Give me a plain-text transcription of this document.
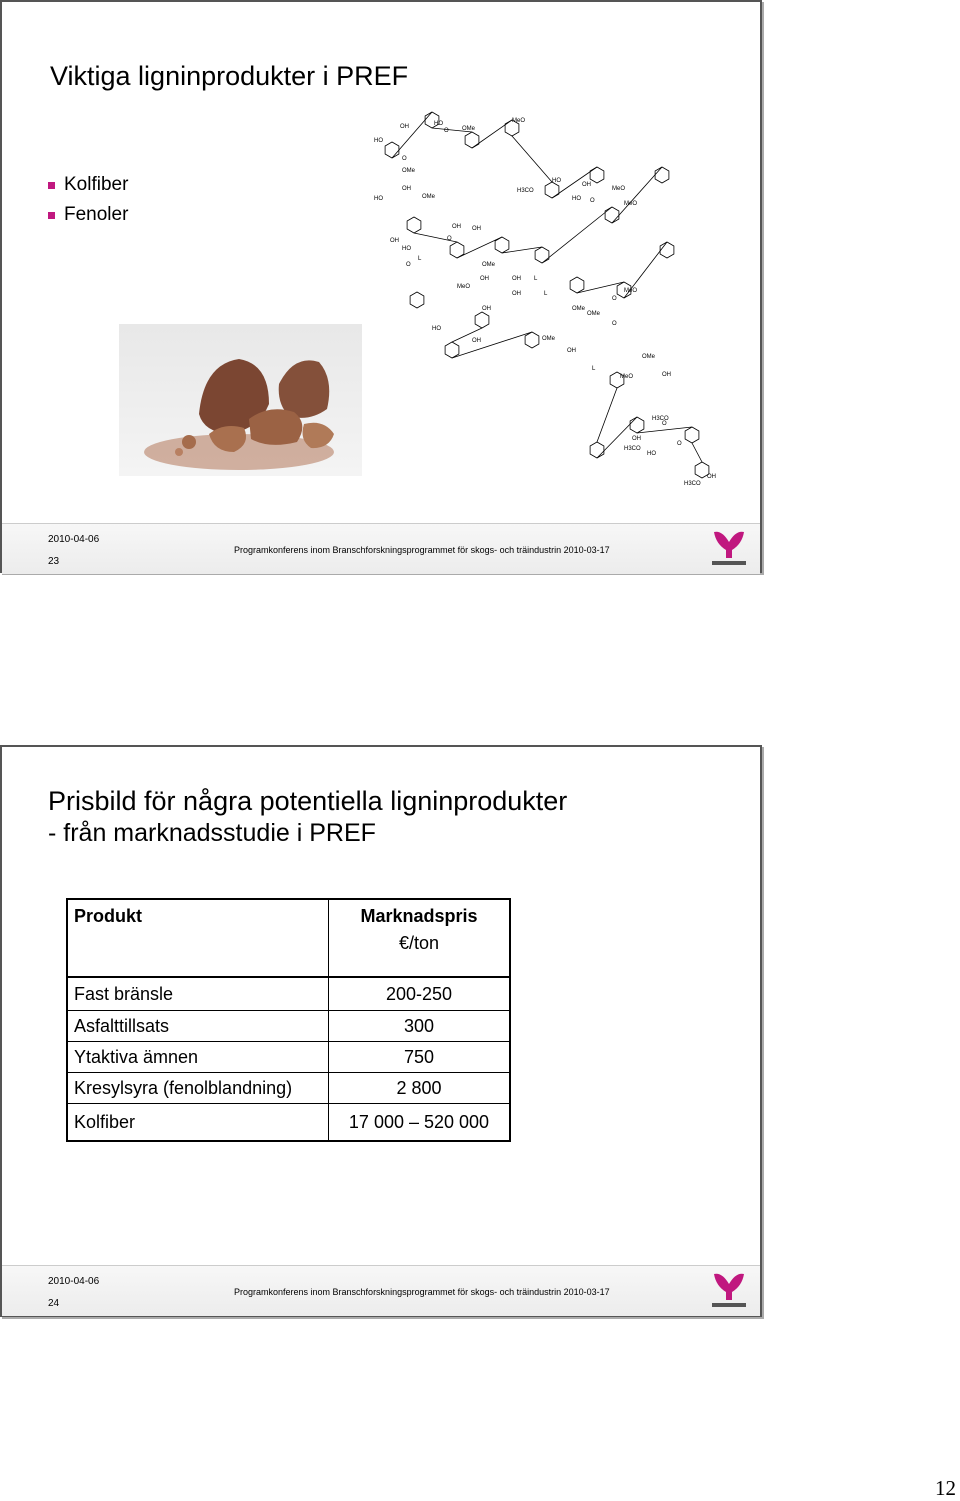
Viktiga ligninprodukter i PREF
Kolfiber
Fenoler
HO
OH	HO
O OMe
MeO
O
OMe
OH
HO	OMe
OH
O
OH
H3CO
HO
OH
HO O
MeO
MeO
OH
HO
O
OH
L
MeO
OMe
OH L
OH
L
OMe
O
MeO
OMe
O
OH
HO
OH	OMe
OH
L
MeO
OMe
OH
H3CO
O
OH
H3CO
HO
O
OH
H3CO
2010-04-06
23
Programkonferens inom Branschforskningsprogrammet för skogs- och träindustrin 2010-03-17
2010-04-06
24
Programkonferens inom Branschforskningsprogrammet för skogs- och träindustrin 2010-03-17
Prisbild för några potentiella ligninprodukter
- från marknadsstudie i PREF
Produkt	Marknadspris
€/ton

Fast bränsle	200-250
Asfalttillsats	300
Ytaktiva ämnen	750
Kresylsyra (fenolblandning)	2 800
Kolfiber	17 000 – 520 000
12
